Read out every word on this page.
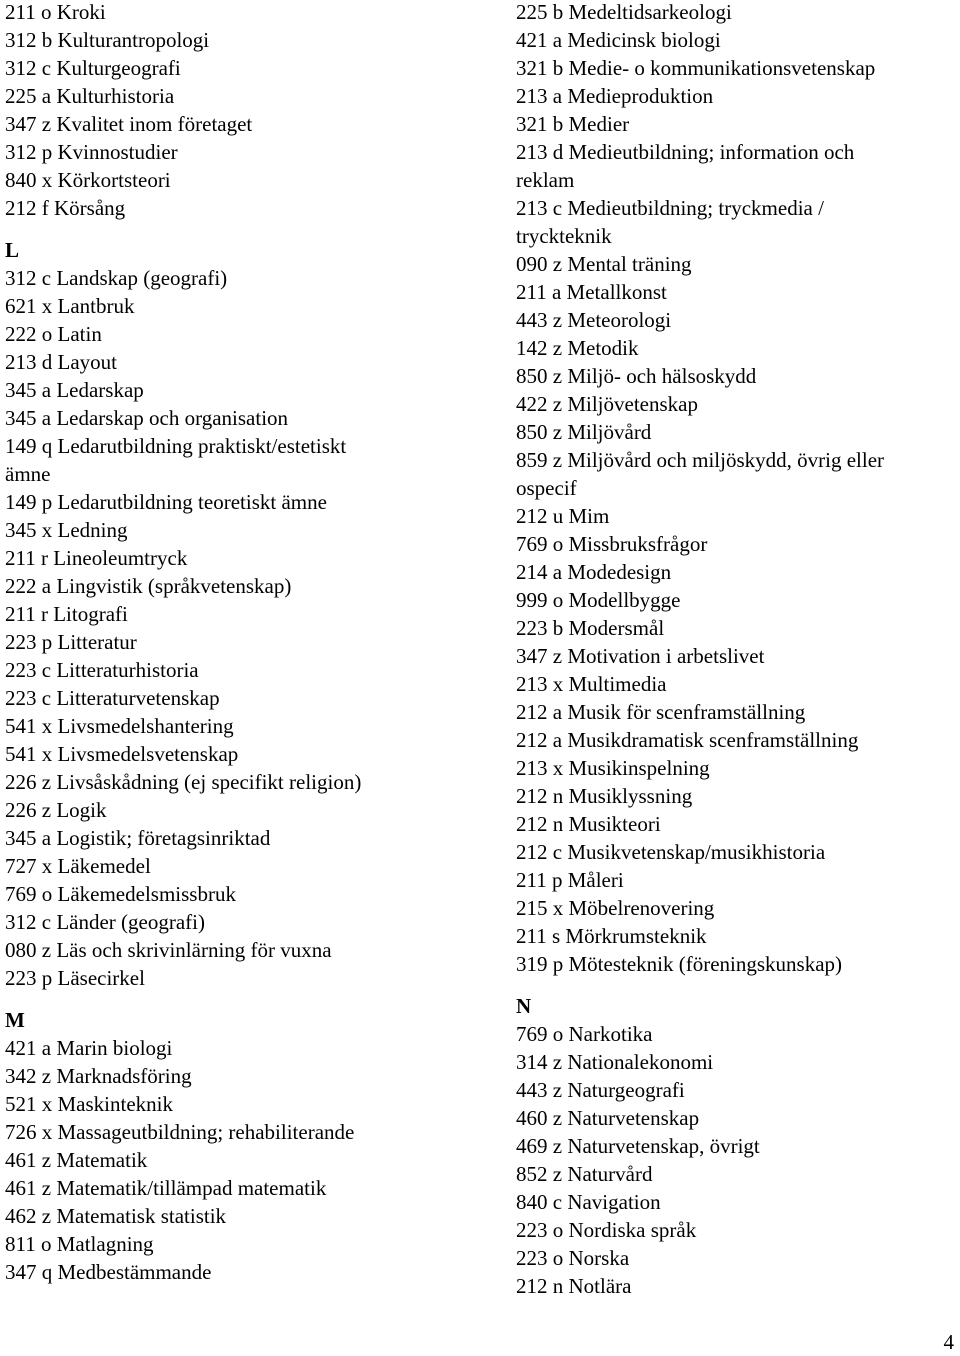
211 o Kroki
312 b Kulturantropologi
312 c Kulturgeografi
225 a Kulturhistoria
347 z Kvalitet inom företaget
312 p Kvinnostudier
840 x Körkortsteori
212 f Körsång
L
312 c Landskap (geografi)
621 x Lantbruk
222 o Latin
213 d Layout
345 a Ledarskap
345 a Ledarskap och organisation
149 q Ledarutbildning praktiskt/estetiskt
ämne
149 p Ledarutbildning teoretiskt ämne
345 x Ledning
211 r Lineoleumtryck
222 a Lingvistik (språkvetenskap)
211 r Litografi
223 p Litteratur
223 c Litteraturhistoria
223 c Litteraturvetenskap
541 x Livsmedelshantering
541 x Livsmedelsvetenskap
226 z Livsåskådning (ej specifikt religion)
226 z Logik
345 a Logistik; företagsinriktad
727 x Läkemedel
769 o Läkemedelsmissbruk
312 c Länder (geografi)
080 z Läs och skrivinlärning för vuxna
223 p Läsecirkel
M
421 a Marin biologi
342 z Marknadsföring
521 x Maskinteknik
726 x Massageutbildning; rehabiliterande
461 z Matematik
461 z Matematik/tillämpad matematik
462 z Matematisk statistik
811 o Matlagning
347 q Medbestämmande
225 b Medeltidsarkeologi
421 a Medicinsk biologi
321 b Medie- o kommunikationsvetenskap
213 a Medieproduktion
321 b Medier
213 d Medieutbildning; information och
reklam
213 c Medieutbildning; tryckmedia /
tryckteknik
090 z Mental träning
211 a Metallkonst
443 z Meteorologi
142 z Metodik
850 z Miljö- och hälsoskydd
422 z Miljövetenskap
850 z Miljövård
859 z Miljövård och miljöskydd, övrig eller
ospecif
212 u Mim
769 o Missbruksfrågor
214 a Modedesign
999 o Modellbygge
223 b Modersmål
347 z Motivation i arbetslivet
213 x Multimedia
212 a Musik för scenframställning
212 a Musikdramatisk scenframställning
213 x Musikinspelning
212 n Musiklyssning
212 n Musikteori
212 c Musikvetenskap/musikhistoria
211 p Måleri
215 x Möbelrenovering
211 s Mörkrumsteknik
319 p Mötesteknik (föreningskunskap)
N
769 o Narkotika
314 z Nationalekonomi
443 z Naturgeografi
460 z Naturvetenskap
469 z Naturvetenskap, övrigt
852 z Naturvård
840 c Navigation
223 o Nordiska språk
223 o Norska
212 n Notlära
4
